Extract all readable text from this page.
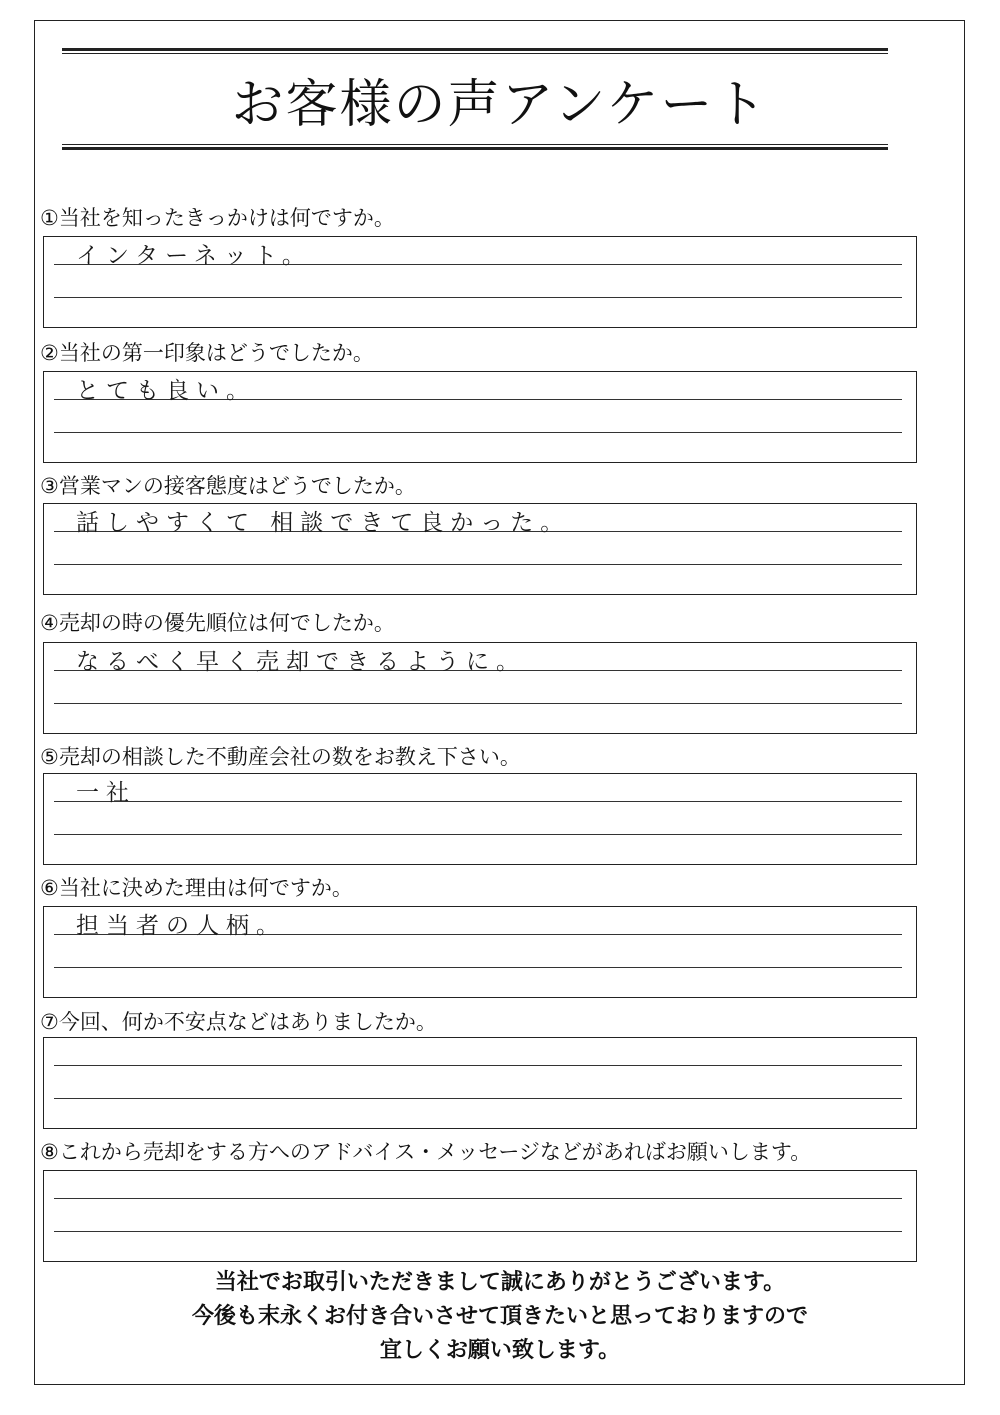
お客様の声アンケート
①当社を知ったきっかけは何ですか。
インターネット。
②当社の第一印象はどうでしたか。
とても良い。
③営業マンの接客態度はどうでしたか。
話しやすくて 相談できて良かった。
④売却の時の優先順位は何でしたか。
なるべく早く売却できるように。
⑤売却の相談した不動産会社の数をお教え下さい。
一社
⑥当社に決めた理由は何ですか。
担当者の人柄。
⑦今回、何か不安点などはありましたか。
⑧これから売却をする方へのアドバイス・メッセージなどがあればお願いします。
当社でお取引いただきまして誠にありがとうございます。
今後も末永くお付き合いさせて頂きたいと思っておりますので
宜しくお願い致します。
